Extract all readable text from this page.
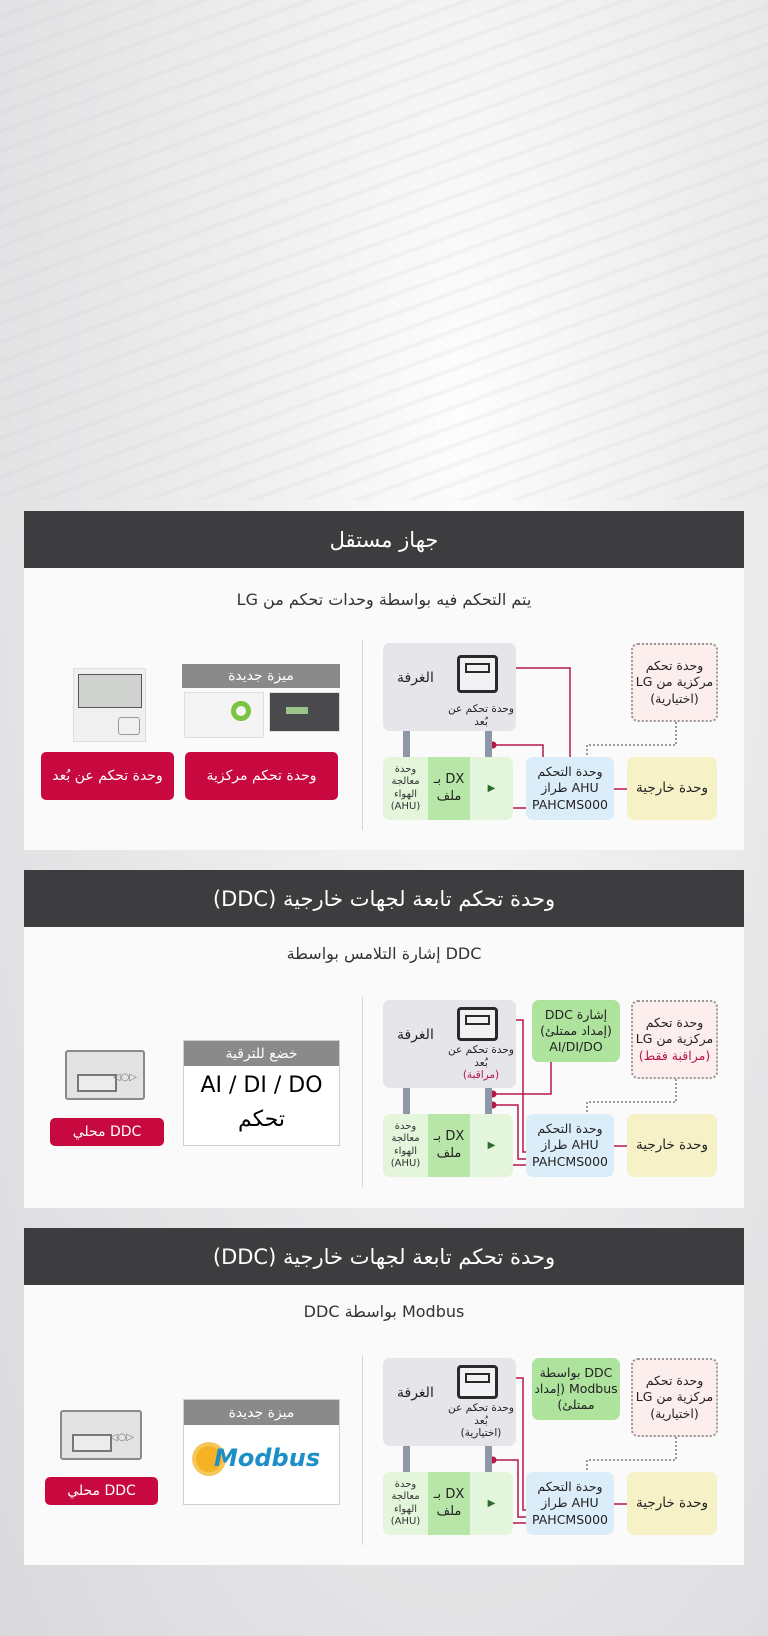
جهاز مستقل
يتم التحكم فيه بواسطة وحدات تحكم من LG
الغرفة
وحدة تحكم عن بُعد
وحدة معالجة الهواء (AHU)
DX بـ ملف	▶
وحدة التحكم AHU طراز PAHCMS000
وحدة خارجية
وحدة تحكم مركزية من LG
(اختيارية)
ميزة جديدة
وحدة تحكم مركزية
وحدة تحكم عن بُعد
وحدة تحكم تابعة لجهات خارجية (DDC)
DDC إشارة التلامس بواسطة
الغرفة
وحدة تحكم عن بُعد
(مراقبة)
إشارة DDC (إمداد ممتلئ) AI/DI/DO
وحدة معالجة الهواء (AHU)
DX بـ ملف	▶
وحدة التحكم AHU طراز PAHCMS000
وحدة خارجية
وحدة تحكم مركزية من LG
(مراقبة فقط)
◁○▷
DDC محلي
خضع للترقية
AI / DI / DO
تحكم
وحدة تحكم تابعة لجهات خارجية (DDC)
Modbus بواسطة DDC
الغرفة
وحدة تحكم عن بُعد
(اختيارية)
DDC بواسطة Modbus (إمداد ممتلئ)
وحدة معالجة الهواء (AHU)
DX بـ ملف	▶
وحدة التحكم AHU طراز PAHCMS000
وحدة خارجية
وحدة تحكم مركزية من LG
(اختيارية)
◁○▷
DDC محلي
ميزة جديدة
Modbus
